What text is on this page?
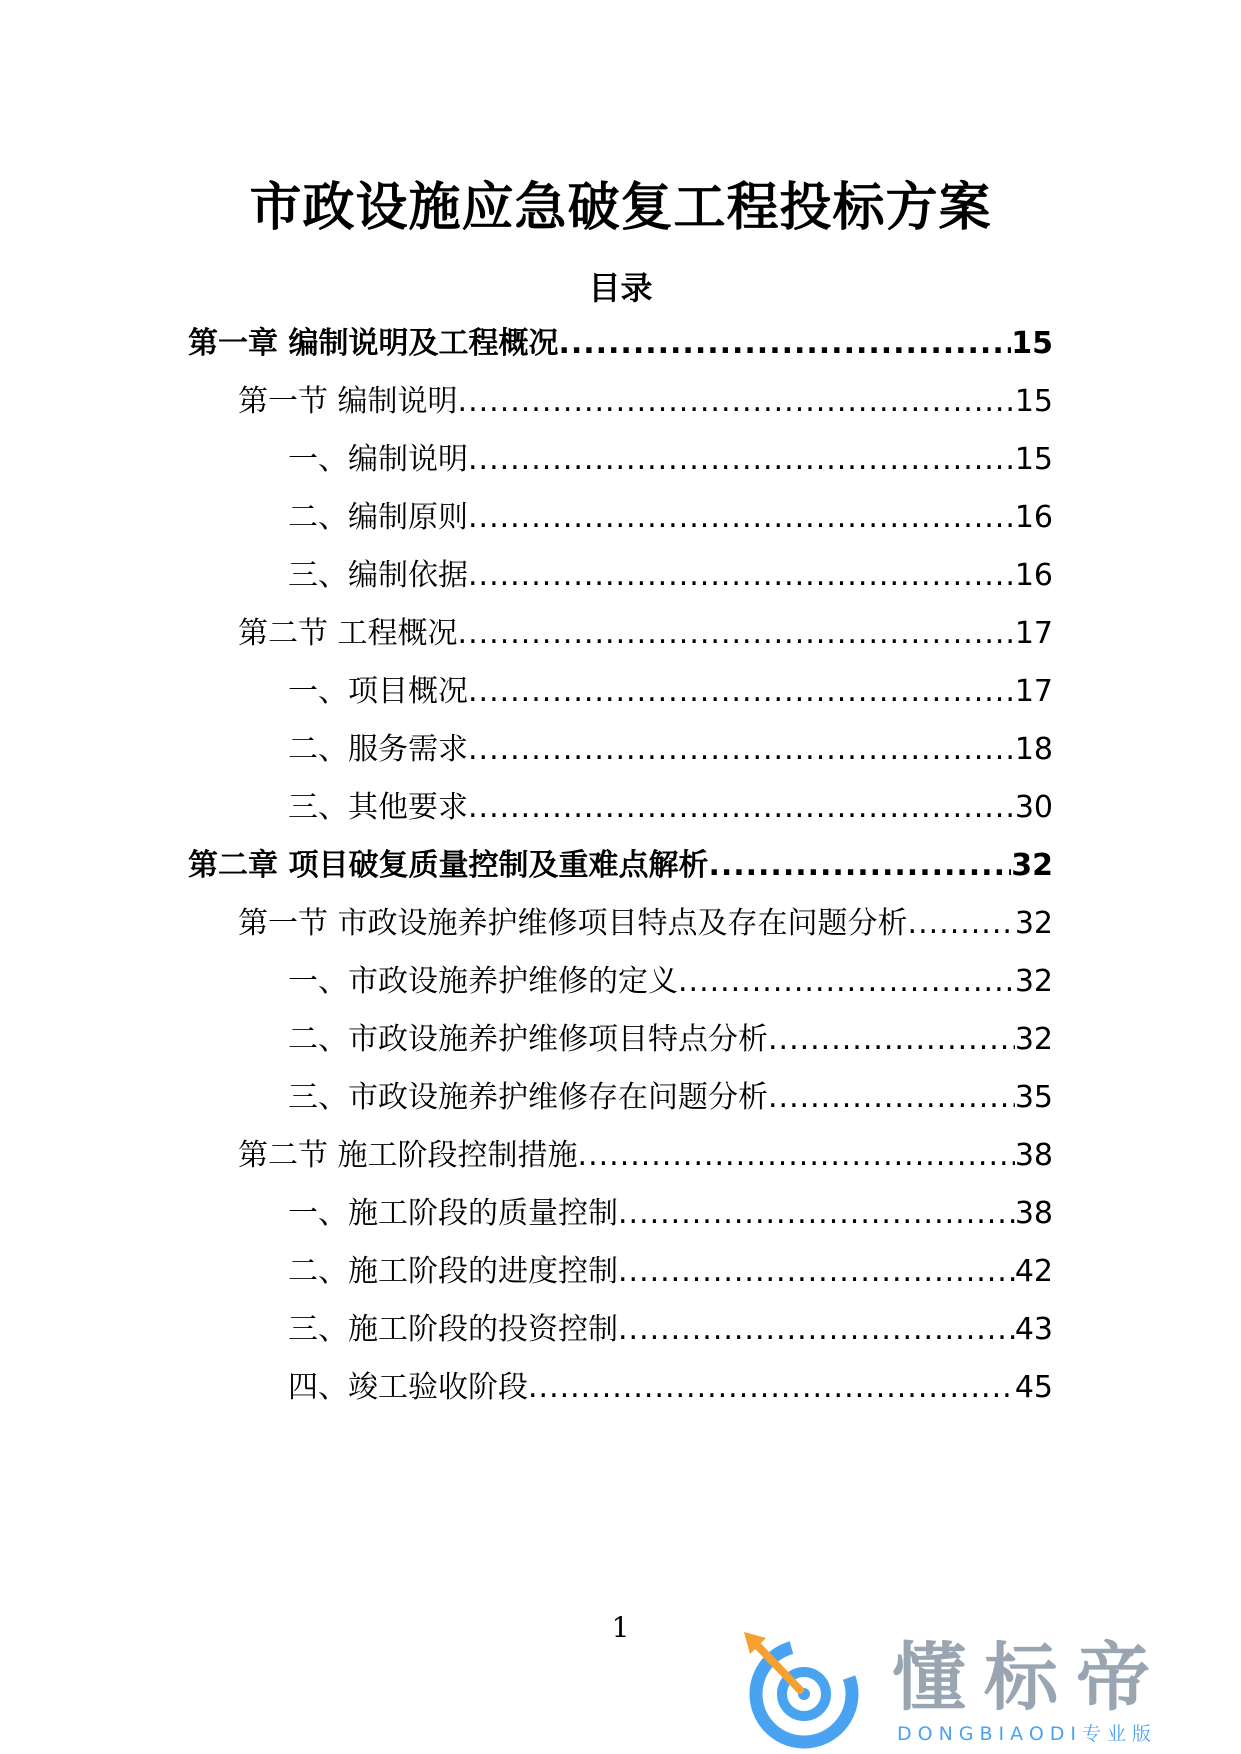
市政设施应急破复工程投标方案
目录
第一章 编制说明及工程概况 .....	15
第一节 编制说明 .....	15
一、编制说明 .....	15
二、编制原则 .....	16
三、编制依据 .....	16
第二节 工程概况 .....	17
一、项目概况 .....	17
二、服务需求 .....	18
三、其他要求 .....	30
第二章 项目破复质量控制及重难点解析 .....	32
第一节 市政设施养护维修项目特点及存在问题分析 .....	32
一、市政设施养护维修的定义 .....	32
二、市政设施养护维修项目特点分析 .....	32
三、市政设施养护维修存在问题分析 .....	35
第二节 施工阶段控制措施 .....	38
一、施工阶段的质量控制 .....	38
二、施工阶段的进度控制 .....	42
三、施工阶段的投资控制 .....	43
四、竣工验收阶段 .....	45
1
懂标帝
DONGBIAODI专业版
